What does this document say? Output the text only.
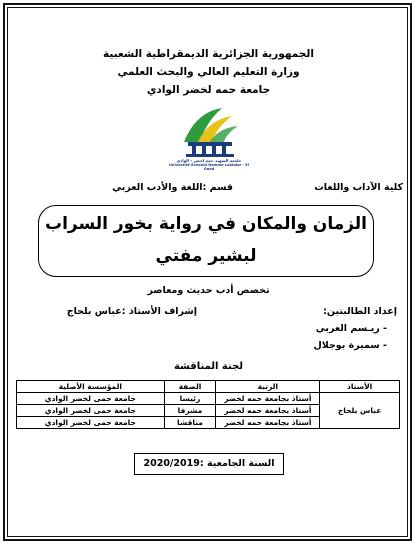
الجمهورية الجزائرية الديمقراطية الشعبية
وزارة التعليم العالي والبحث العلمي
جامعة حمه لخضر الوادي
جامعة الشهيد حمه لخضر - الوادي
Université Echahid Hamma Lakhdar - El Oued
كلية الآداب واللغات
قسم :اللغة والأدب العربي
الزمان والمكان في رواية بخور السراب
لبشير مفتي
تخصص أدب حديث ومعاصر
إعداد الطالبتين:
- ريـسم العربي
- سميرة بوجلال
إشراف الأستاذ :عباس بلحاج
لجنة المناقشة
الأستاذ	الرتبة	الصفة	المؤسسة الأصلية
عباس بلحاج	أستاذ بجامعة حمه لخضر	رئيسا	جامعة حمى لخضر الوادي
	أستاذ بجامعة حمه لخضر	مشرفا	جامعة حمى لخضر الوادي
	أستاذ بجامعة حمه لخضر	مناقشا	جامعة حمى لخضر الوادي
السنة الجامعية :2020/2019
